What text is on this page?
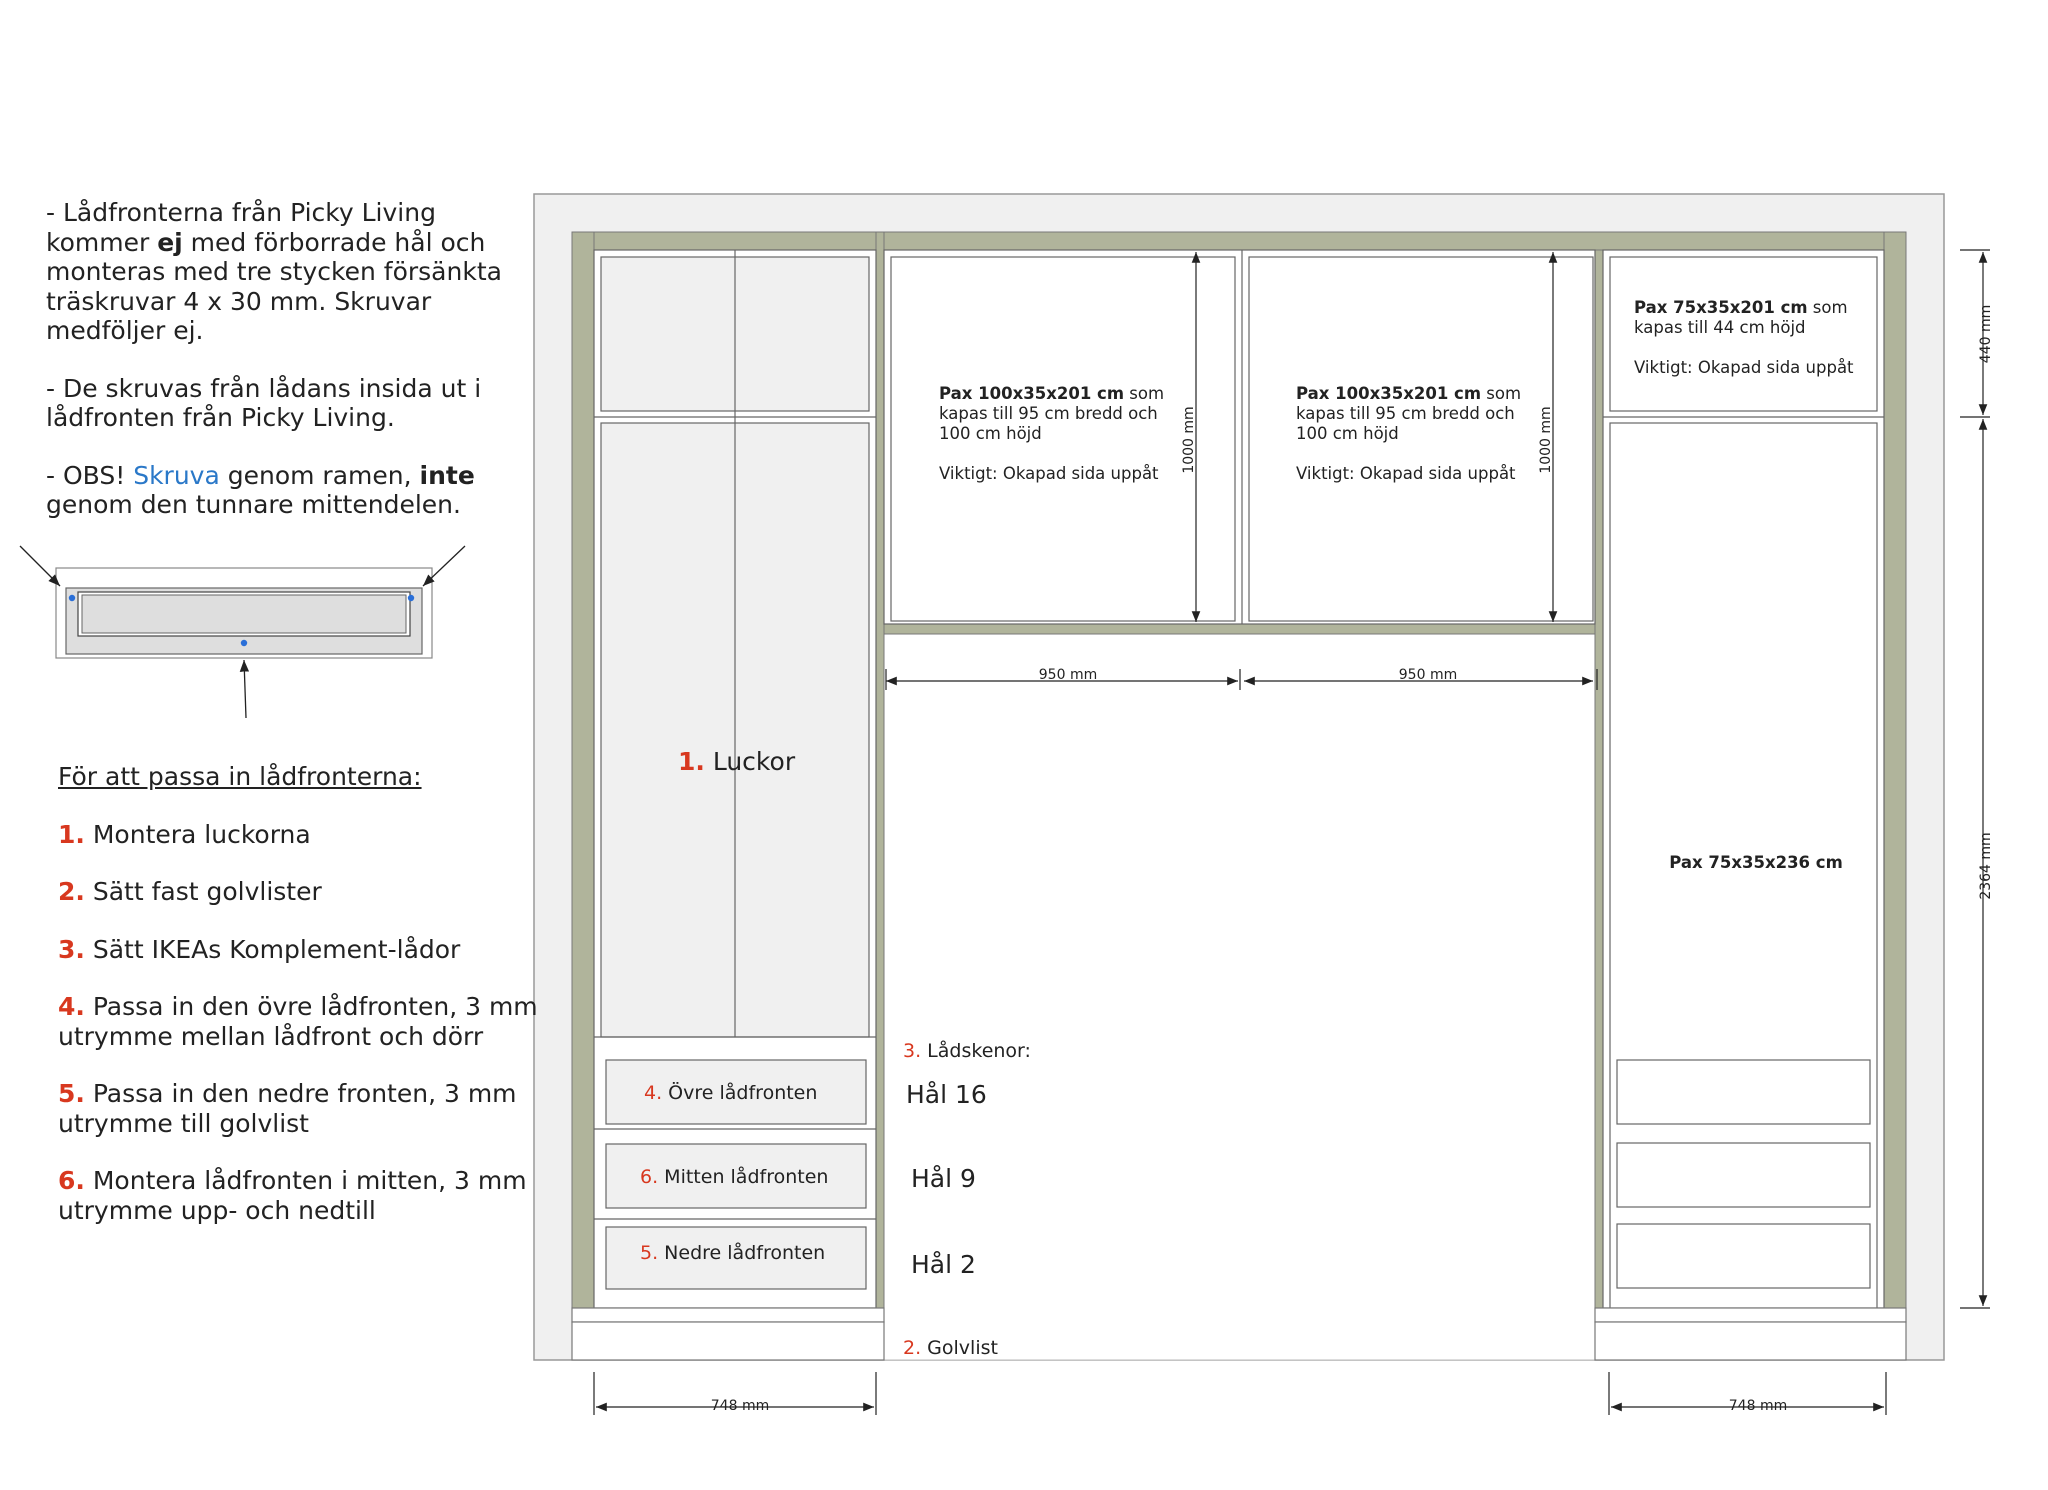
1. Luckor
4. Övre lådfronten
6. Mitten lådfronten
5. Nedre lådfronten
3. Lådskenor:
Hål 16
Hål 9
Hål 2
2. Golvlist
Pax 100x35x201 cm som
kapas till 95 cm bredd och
100 cm höjd
Viktigt: Okapad sida uppåt
Pax 100x35x201 cm som
kapas till 95 cm bredd och
100 cm höjd
Viktigt: Okapad sida uppåt
Pax 75x35x201 cm som
kapas till 44 cm höjd
Viktigt: Okapad sida uppåt
Pax 75x35x236 cm
950 mm	950 mm
1000 mm	1000 mm
748 mm	748 mm
440 mm
2364 mm

- Lådfronterna från Picky Living kommer ej med förborrade hål och monteras med tre stycken försänkta träskruvar 4 x 30 mm. Skruvar medföljer ej.

- De skruvas från lådans insida ut i lådfronten från Picky Living.

- OBS! Skruva genom ramen, inte genom den tunnare mittendelen.

För att passa in lådfronterna:
1. Montera luckorna
2. Sätt fast golvlister
3. Sätt IKEAs Komplement-lådor
4. Passa in den övre lådfronten, 3 mm utrymme mellan lådfront och dörr
5. Passa in den nedre fronten, 3 mm utrymme till golvlist
6. Montera lådfronten i mitten, 3 mm utrymme upp- och nedtill
